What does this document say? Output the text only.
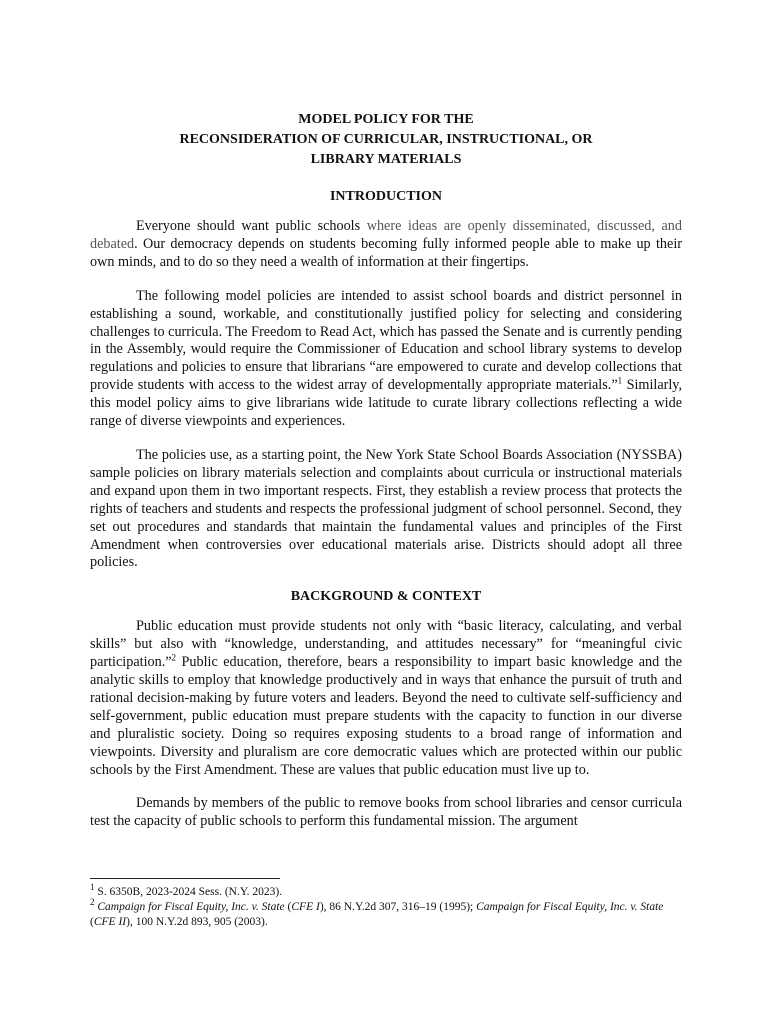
MODEL POLICY FOR THE
RECONSIDERATION OF CURRICULAR, INSTRUCTIONAL, OR
LIBRARY MATERIALS
INTRODUCTION

Everyone should want public schools where ideas are openly disseminated, discussed, and debated. Our democracy depends on students becoming fully informed people able to make up their own minds, and to do so they need a wealth of information at their fingertips.

The following model policies are intended to assist school boards and district personnel in establishing a sound, workable, and constitutionally justified policy for selecting and considering challenges to curricula. The Freedom to Read Act, which has passed the Senate and is currently pending in the Assembly, would require the Commissioner of Education and school library systems to develop regulations and policies to ensure that librarians “are empowered to curate and develop collections that provide students with access to the widest array of developmentally appropriate materials.”$^1$ Similarly, this model policy aims to give librarians wide latitude to curate library collections reflecting a wide range of diverse viewpoints and experiences.

The policies use, as a starting point, the New York State School Boards Association (NYSSBA) sample policies on library materials selection and complaints about curricula or instructional materials and expand upon them in two important respects. First, they establish a review process that protects the rights of teachers and students and respects the professional judgment of school personnel. Second, they set out procedures and standards that maintain the fundamental values and principles of the First Amendment when controversies over educational materials arise. Districts should adopt all three policies.

BACKGROUND & CONTEXT

Public education must provide students not only with “basic literacy, calculating, and verbal skills” but also with “knowledge, understanding, and attitudes necessary” for “meaningful civic participation.”$^2$ Public education, therefore, bears a responsibility to impart basic knowledge and the analytic skills to employ that knowledge productively and in ways that enhance the pursuit of truth and rational decision-making by future voters and leaders. Beyond the need to cultivate self-sufficiency and self-government, public education must prepare students with the capacity to function in our diverse and pluralistic society. Doing so requires exposing students to a broad range of information and viewpoints. Diversity and pluralism are core democratic values which are protected within our public schools by the First Amendment. These are values that public education must live up to.

Demands by members of the public to remove books from school libraries and censor curricula test the capacity of public schools to perform this fundamental mission. The argument

$^1$ S. 6350B, 2023-2024 Sess. (N.Y. 2023).

$^2$ Campaign for Fiscal Equity, Inc. v. State (CFE I), 86 N.Y.2d 307, 316–19 (1995); Campaign for Fiscal Equity, Inc. v. State (CFE II), 100 N.Y.2d 893, 905 (2003).
